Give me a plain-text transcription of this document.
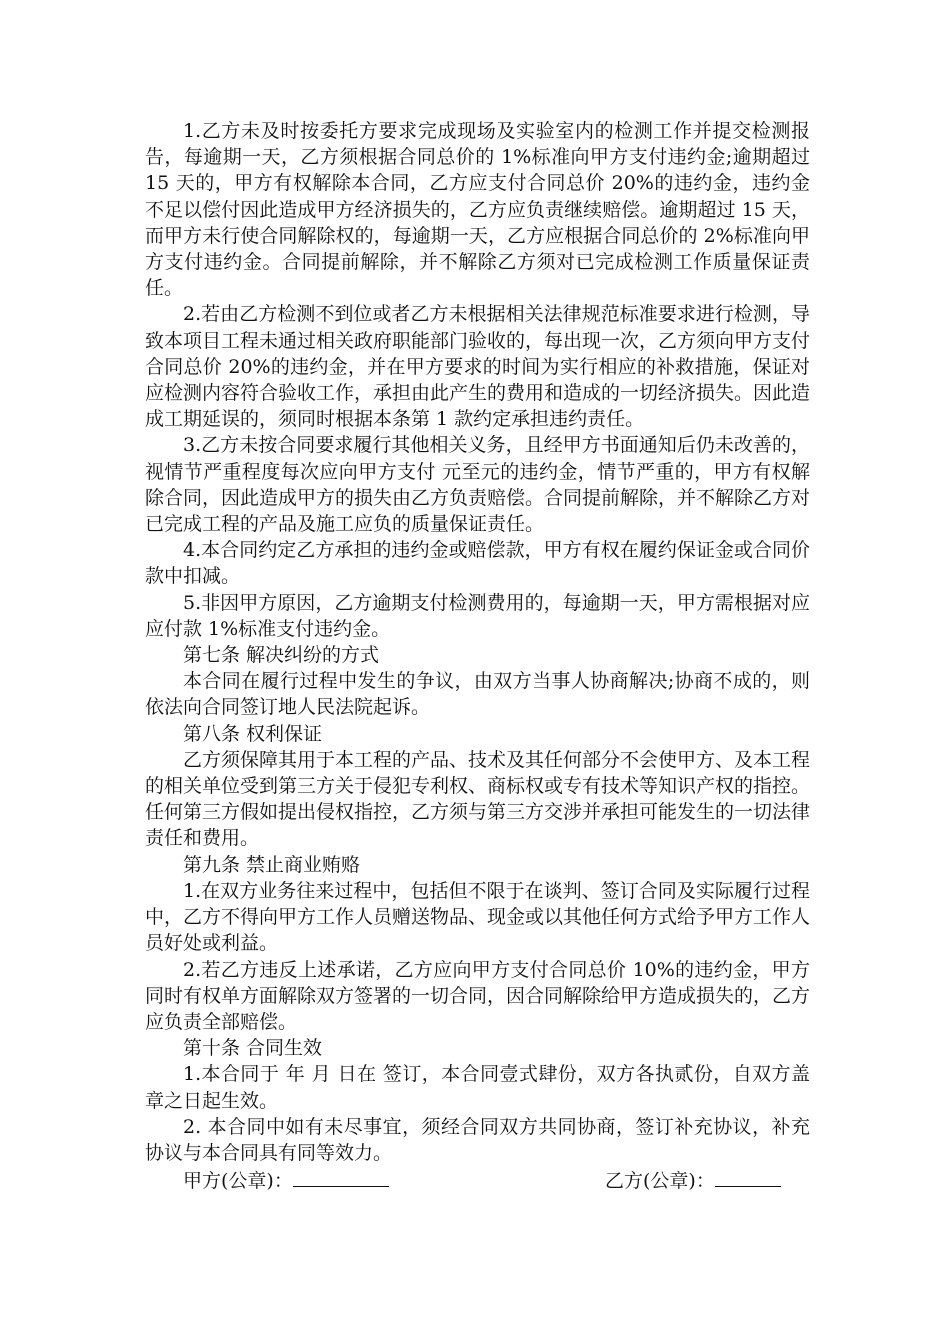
1.乙方未及时按委托方要求完成现场及实验室内的检测工作并提交检测报告，每逾期一天，乙方须根据合同总价的 1%标准向甲方支付违约金;逾期超过 15 天的，甲方有权解除本合同，乙方应支付合同总价 20%的违约金，违约金不足以偿付因此造成甲方经济损失的，乙方应负责继续赔偿。逾期超过 15 天，而甲方未行使合同解除权的，每逾期一天，乙方应根据合同总价的 2%标准向甲方支付违约金。合同提前解除，并不解除乙方须对已完成检测工作质量保证责任。

2.若由乙方检测不到位或者乙方未根据相关法律规范标准要求进行检测，导致本项目工程未通过相关政府职能部门验收的，每出现一次，乙方须向甲方支付合同总价 20%的违约金，并在甲方要求的时间为实行相应的补救措施，保证对应检测内容符合验收工作，承担由此产生的费用和造成的一切经济损失。因此造成工期延误的，须同时根据本条第 1 款约定承担违约责任。

3.乙方未按合同要求履行其他相关义务，且经甲方书面通知后仍未改善的，视情节严重程度每次应向甲方支付 元至元的违约金，情节严重的，甲方有权解除合同，因此造成甲方的损失由乙方负责赔偿。合同提前解除，并不解除乙方对已完成工程的产品及施工应负的质量保证责任。

4.本合同约定乙方承担的违约金或赔偿款，甲方有权在履约保证金或合同价款中扣减。

5.非因甲方原因，乙方逾期支付检测费用的，每逾期一天，甲方需根据对应应付款 1%标准支付违约金。

第七条 解决纠纷的方式

本合同在履行过程中发生的争议，由双方当事人协商解决;协商不成的，则依法向合同签订地人民法院起诉。

第八条 权利保证

乙方须保障其用于本工程的产品、技术及其任何部分不会使甲方、及本工程的相关单位受到第三方关于侵犯专利权、商标权或专有技术等知识产权的指控。任何第三方假如提出侵权指控，乙方须与第三方交涉并承担可能发生的一切法律责任和费用。

第九条 禁止商业贿赂

1.在双方业务往来过程中，包括但不限于在谈判、签订合同及实际履行过程中，乙方不得向甲方工作人员赠送物品、现金或以其他任何方式给予甲方工作人员好处或利益。

2.若乙方违反上述承诺，乙方应向甲方支付合同总价 10%的违约金，甲方同时有权单方面解除双方签署的一切合同，因合同解除给甲方造成损失的，乙方应负责全部赔偿。

第十条 合同生效

1.本合同于 年 月 日在 签订，本合同壹式肆份，双方各执贰份，自双方盖章之日起生效。

2. 本合同中如有未尽事宜，须经合同双方共同协商，签订补充协议，补充协议与本合同具有同等效力。

甲方(公章)：	乙方(公章)：
